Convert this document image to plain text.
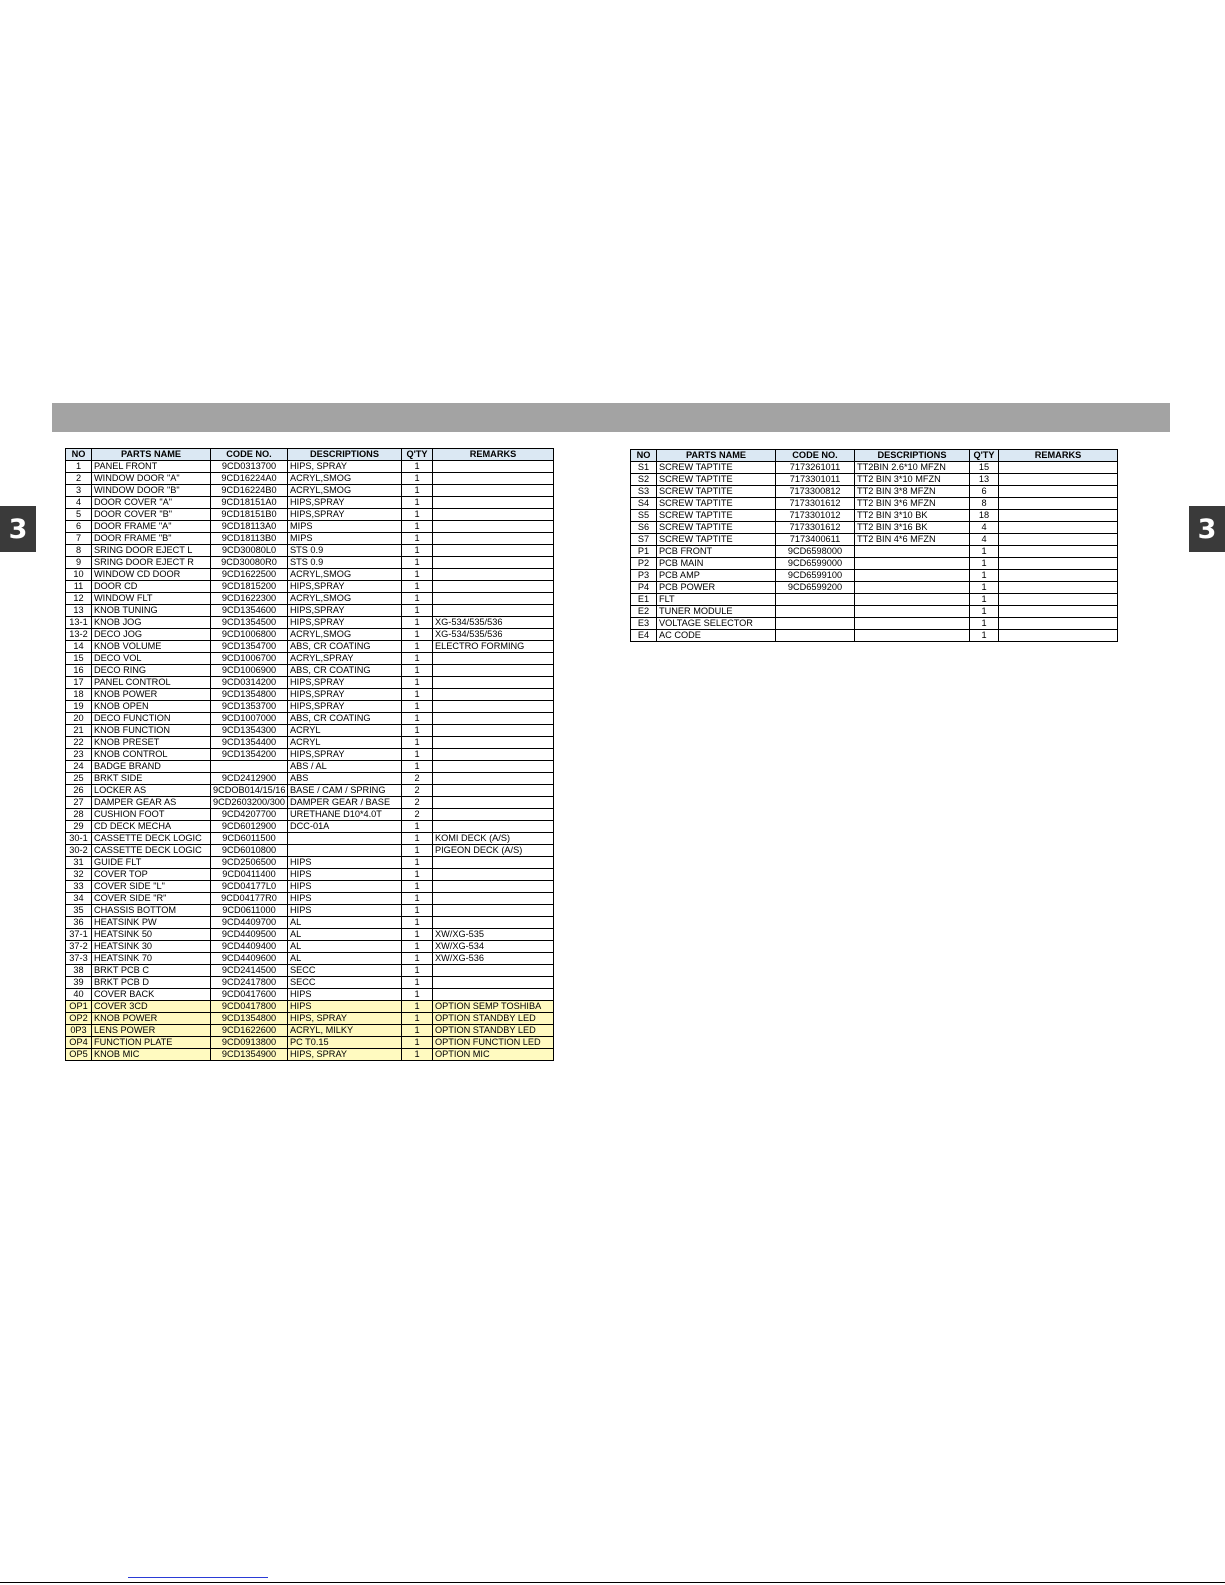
3	3
NO	PARTS NAME	CODE NO.	DESCRIPTIONS	Q'TY	REMARKS
1	PANEL FRONT	9CD0313700	HIPS, SPRAY	1	
2	WINDOW DOOR "A"	9CD16224A0	ACRYL,SMOG	1	
3	WINDOW DOOR "B"	9CD16224B0	ACRYL,SMOG	1	
4	DOOR COVER "A"	9CD18151A0	HIPS,SPRAY	1	
5	DOOR COVER "B"	9CD18151B0	HIPS,SPRAY	1	
6	DOOR FRAME "A"	9CD18113A0	MIPS	1	
7	DOOR FRAME "B"	9CD18113B0	MIPS	1	
8	SRING DOOR EJECT L	9CD30080L0	STS 0.9	1	
9	SRING DOOR EJECT R	9CD30080R0	STS 0.9	1	
10	WINDOW CD DOOR	9CD1622500	ACRYL,SMOG	1	
11	DOOR CD	9CD1815200	HIPS,SPRAY	1	
12	WINDOW FLT	9CD1622300	ACRYL,SMOG	1	
13	KNOB TUNING	9CD1354600	HIPS,SPRAY	1	
13-1	KNOB JOG	9CD1354500	HIPS,SPRAY	1	XG-534/535/536
13-2	DECO JOG	9CD1006800	ACRYL,SMOG	1	XG-534/535/536
14	KNOB VOLUME	9CD1354700	ABS, CR COATING	1	ELECTRO FORMING
15	DECO VOL	9CD1006700	ACRYL,SPRAY	1	
16	DECO RING	9CD1006900	ABS, CR COATING	1	
17	PANEL CONTROL	9CD0314200	HIPS,SPRAY	1	
18	KNOB POWER	9CD1354800	HIPS,SPRAY	1	
19	KNOB OPEN	9CD1353700	HIPS,SPRAY	1	
20	DECO FUNCTION	9CD1007000	ABS, CR COATING	1	
21	KNOB FUNCTION	9CD1354300	ACRYL	1	
22	KNOB PRESET	9CD1354400	ACRYL	1	
23	KNOB CONTROL	9CD1354200	HIPS,SPRAY	1	
24	BADGE BRAND		ABS / AL	1	
25	BRKT SIDE	9CD2412900	ABS	2	
26	LOCKER AS	9CDOB014/15/16	BASE / CAM / SPRING	2	
27	DAMPER GEAR AS	9CD2603200/300	DAMPER GEAR / BASE	2	
28	CUSHION FOOT	9CD4207700	URETHANE D10*4.0T	2	
29	CD DECK MECHA	9CD6012900	DCC-01A	1	
30-1	CASSETTE DECK LOGIC	9CD6011500		1	KOMI DECK (A/S)
30-2	CASSETTE DECK LOGIC	9CD6010800		1	PIGEON DECK (A/S)
31	GUIDE FLT	9CD2506500	HIPS	1	
32	COVER TOP	9CD0411400	HIPS	1	
33	COVER SIDE "L"	9CD04177L0	HIPS	1	
34	COVER SIDE "R"	9CD04177R0	HIPS	1	
35	CHASSIS BOTTOM	9CD0611000	HIPS	1	
36	HEATSINK PW	9CD4409700	AL	1	
37-1	HEATSINK 50	9CD4409500	AL	1	XW/XG-535
37-2	HEATSINK 30	9CD4409400	AL	1	XW/XG-534
37-3	HEATSINK 70	9CD4409600	AL	1	XW/XG-536
38	BRKT PCB C	9CD2414500	SECC	1	
39	BRKT PCB D	9CD2417800	SECC	1	
40	COVER BACK	9CD0417600	HIPS	1	
OP1	COVER 3CD	9CD0417800	HIPS	1	OPTION SEMP TOSHIBA
OP2	KNOB POWER	9CD1354800	HIPS, SPRAY	1	OPTION STANDBY LED
0P3	LENS POWER	9CD1622600	ACRYL, MILKY	1	OPTION STANDBY LED
OP4	FUNCTION PLATE	9CD0913800	PC T0.15	1	OPTION FUNCTION LED
OP5	KNOB MIC	9CD1354900	HIPS, SPRAY	1	OPTION MIC
NO	PARTS NAME	CODE NO.	DESCRIPTIONS	Q'TY	REMARKS
S1	SCREW TAPTITE	7173261011	TT2BIN 2.6*10 MFZN	15	
S2	SCREW TAPTITE	7173301011	TT2 BIN 3*10 MFZN	13	
S3	SCREW TAPTITE	7173300812	TT2 BIN 3*8 MFZN	6	
S4	SCREW TAPTITE	7173301612	TT2 BIN 3*6 MFZN	8	
S5	SCREW TAPTITE	7173301012	TT2 BIN 3*10 BK	18	
S6	SCREW TAPTITE	7173301612	TT2 BIN 3*16 BK	4	
S7	SCREW TAPTITE	7173400611	TT2 BIN 4*6 MFZN	4	
P1	PCB FRONT	9CD6598000		1	
P2	PCB MAIN	9CD6599000		1	
P3	PCB AMP	9CD6599100		1	
P4	PCB POWER	9CD6599200		1	
E1	FLT			1	
E2	TUNER MODULE			1	
E3	VOLTAGE SELECTOR			1	
E4	AC CODE			1	
